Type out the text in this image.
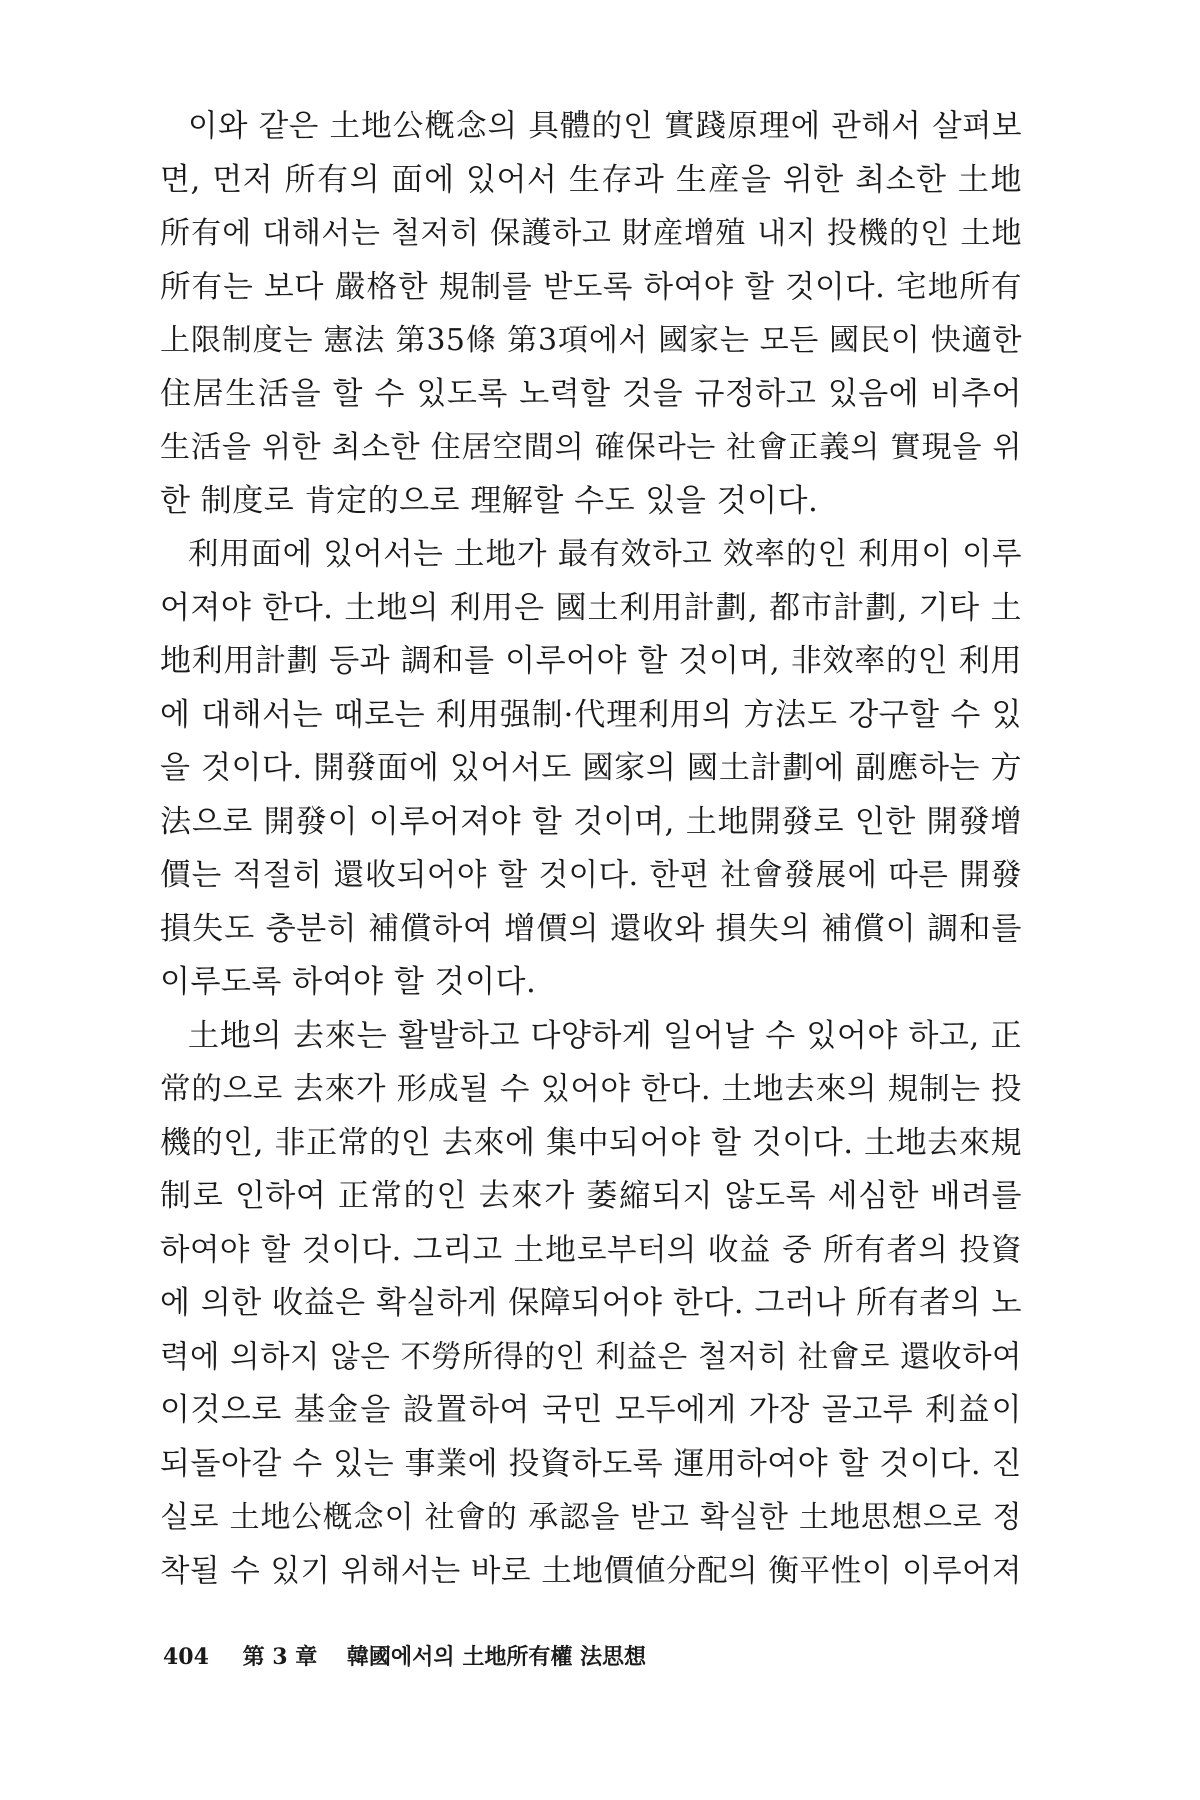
이와 같은 土地公槪念의 具體的인 實踐原理에 관해서 살펴보
면, 먼저 所有의 面에 있어서 生存과 生産을 위한 최소한 土地
所有에 대해서는 철저히 保護하고 財産增殖 내지 投機的인 土地
所有는 보다 嚴格한 規制를 받도록 하여야 할 것이다. 宅地所有
上限制度는 憲法 第35條 第3項에서 國家는 모든 國民이 快適한
住居生活을 할 수 있도록 노력할 것을 규정하고 있음에 비추어
生活을 위한 최소한 住居空間의 確保라는 社會正義의 實現을 위
한 制度로 肯定的으로 理解할 수도 있을 것이다.
利用面에 있어서는 土地가 最有效하고 效率的인 利用이 이루
어져야 한다. 土地의 利用은 國土利用計劃, 都市計劃, 기타 土
地利用計劃 등과 調和를 이루어야 할 것이며, 非效率的인 利用
에 대해서는 때로는 利用强制·代理利用의 方法도 강구할 수 있
을 것이다. 開發面에 있어서도 國家의 國土計劃에 副應하는 方
法으로 開發이 이루어져야 할 것이며, 土地開發로 인한 開發增
價는 적절히 還收되어야 할 것이다. 한편 社會發展에 따른 開發
損失도 충분히 補償하여 增價의 還收와 損失의 補償이 調和를
이루도록 하여야 할 것이다.
土地의 去來는 활발하고 다양하게 일어날 수 있어야 하고, 正
常的으로 去來가 形成될 수 있어야 한다. 土地去來의 規制는 投
機的인, 非正常的인 去來에 集中되어야 할 것이다. 土地去來規
制로 인하여 正常的인 去來가 萎縮되지 않도록 세심한 배려를
하여야 할 것이다. 그리고 土地로부터의 收益 중 所有者의 投資
에 의한 收益은 확실하게 保障되어야 한다. 그러나 所有者의 노
력에 의하지 않은 不勞所得的인 利益은 철저히 社會로 還收하여
이것으로 基金을 設置하여 국민 모두에게 가장 골고루 利益이
되돌아갈 수 있는 事業에 投資하도록 運用하여야 할 것이다. 진
실로 土地公槪念이 社會的 承認을 받고 확실한 土地思想으로 정
착될 수 있기 위해서는 바로 土地價値分配의 衡平性이 이루어져
404 第 3 章 韓國에서의 土地所有權 法思想
